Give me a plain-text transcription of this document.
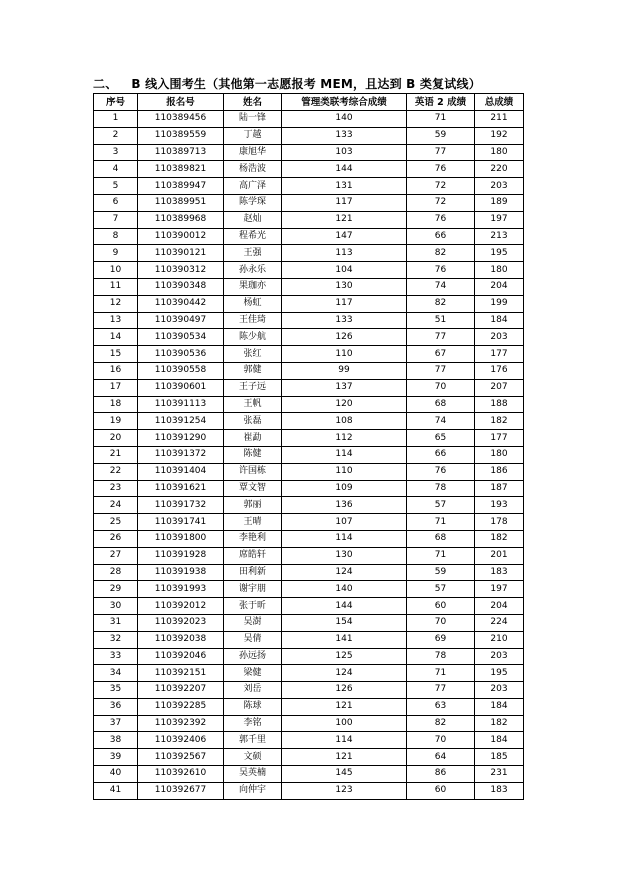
二、 B 线入围考生（其他第一志愿报考 MEM，且达到 B 类复试线）
序号	报名号	姓名	管理类联考综合成绩	英语 2 成绩	总成绩
1	110389456	陆一锋	140	71	211
2	110389559	丁越	133	59	192
3	110389713	康旭华	103	77	180
4	110389821	杨浩波	144	76	220
5	110389947	高广泽	131	72	203
6	110389951	陈学琛	117	72	189
7	110389968	赵灿	121	76	197
8	110390012	程希光	147	66	213
9	110390121	王强	113	82	195
10	110390312	孙永乐	104	76	180
11	110390348	果珈亦	130	74	204
12	110390442	杨虹	117	82	199
13	110390497	王佳琦	133	51	184
14	110390534	陈少航	126	77	203
15	110390536	张红	110	67	177
16	110390558	郭健	99	77	176
17	110390601	王子远	137	70	207
18	110391113	王帆	120	68	188
19	110391254	张磊	108	74	182
20	110391290	崔勐	112	65	177
21	110391372	陈健	114	66	180
22	110391404	许国栋	110	76	186
23	110391621	覃文智	109	78	187
24	110391732	郭丽	136	57	193
25	110391741	王晴	107	71	178
26	110391800	李艳利	114	68	182
27	110391928	席皓轩	130	71	201
28	110391938	田利新	124	59	183
29	110391993	谢宇朋	140	57	197
30	110392012	张于昕	144	60	204
31	110392023	吴澍	154	70	224
32	110392038	吴倩	141	69	210
33	110392046	孙远扬	125	78	203
34	110392151	梁健	124	71	195
35	110392207	刘岳	126	77	203
36	110392285	陈球	121	63	184
37	110392392	李铭	100	82	182
38	110392406	郭千里	114	70	184
39	110392567	文硕	121	64	185
40	110392610	吴英楠	145	86	231
41	110392677	向仲宇	123	60	183
